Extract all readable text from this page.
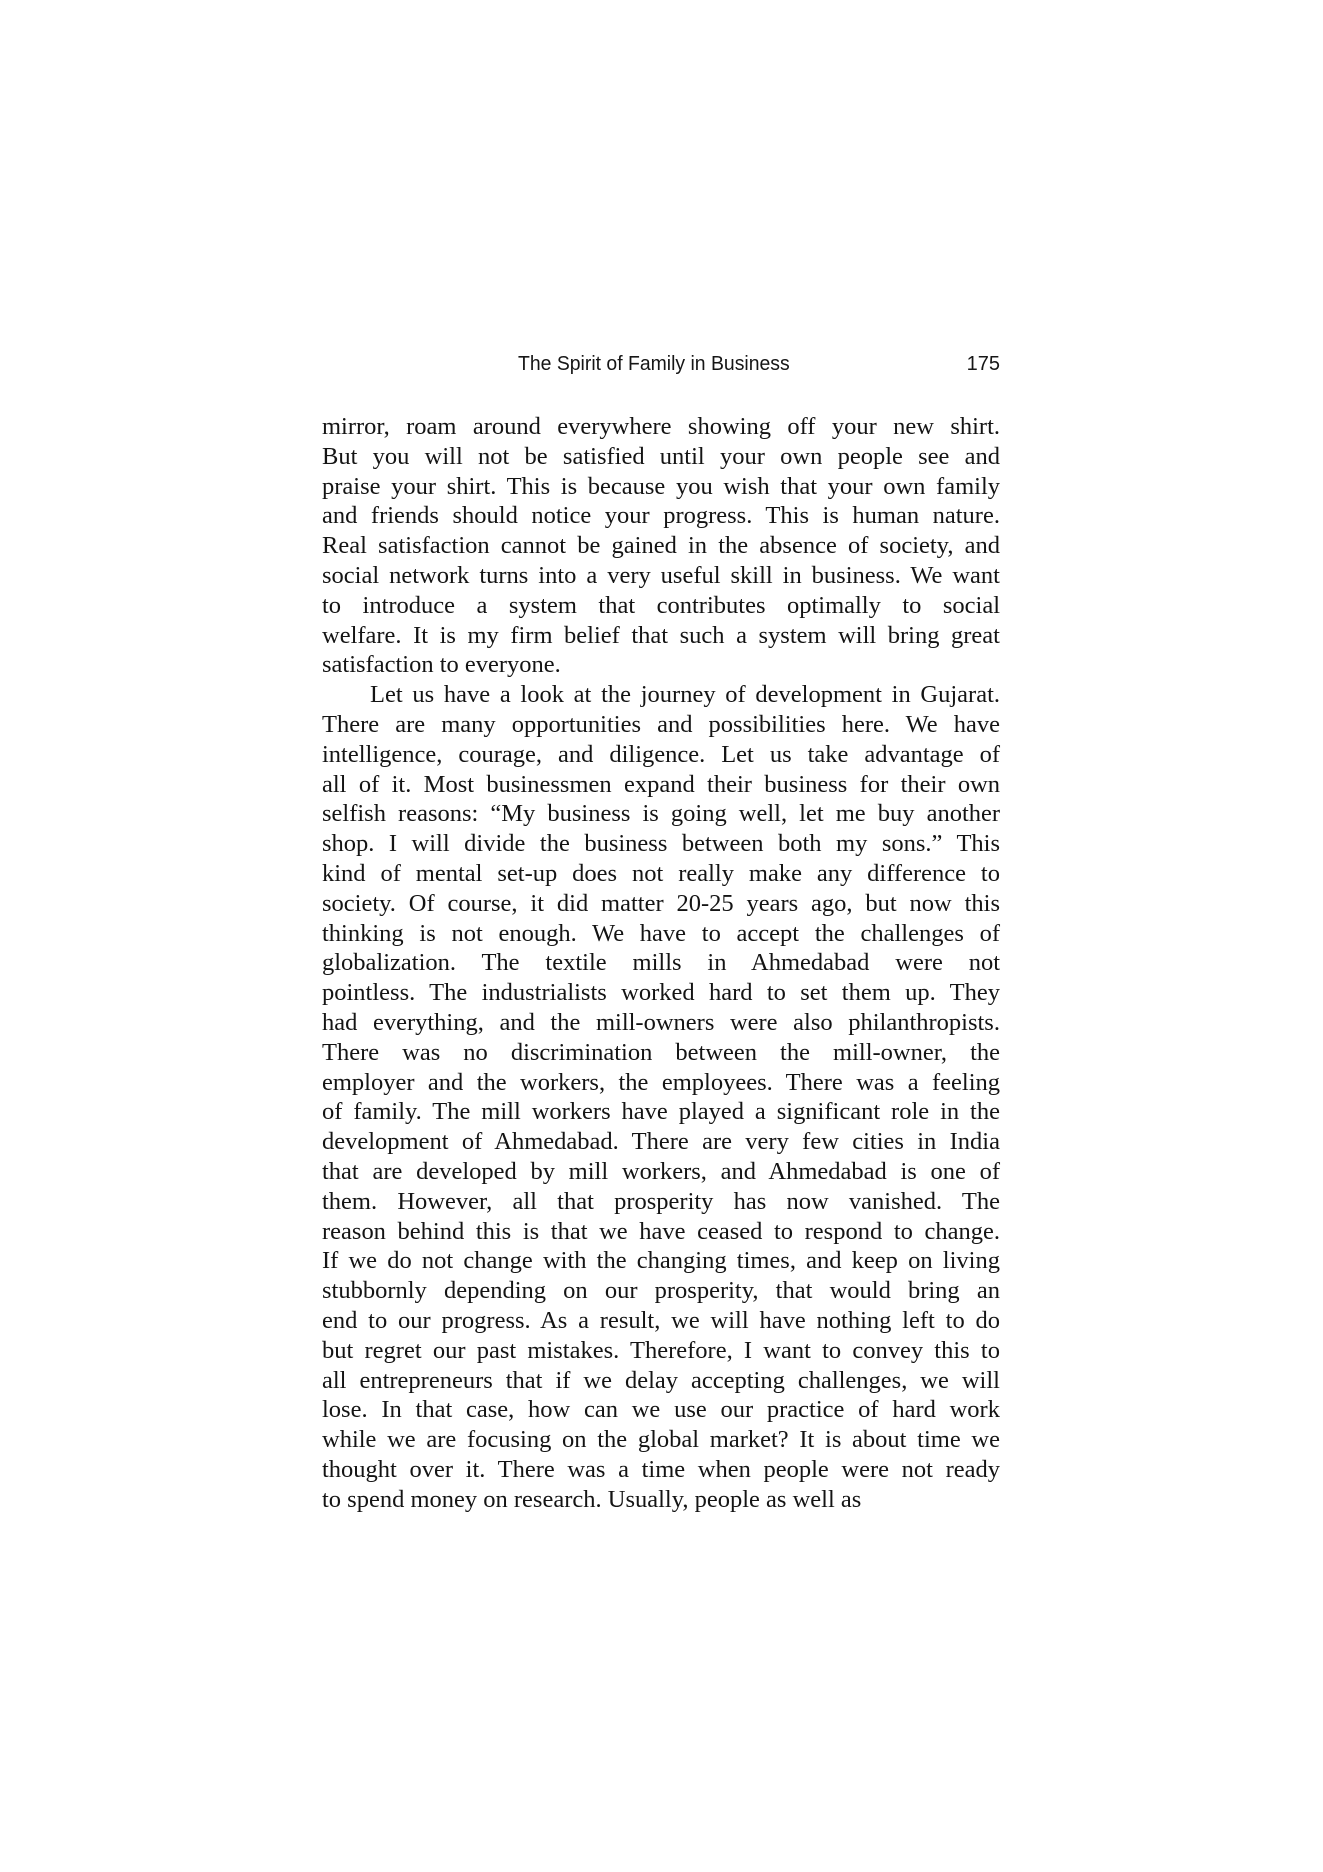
The Spirit of Family in Business	175
mirror, roam around everywhere showing off your new shirt.
But you will not be satisfied until your own people see and
praise your shirt. This is because you wish that your own family
and friends should notice your progress. This is human nature.
Real satisfaction cannot be gained in the absence of society, and
social network turns into a very useful skill in business. We want
to introduce a system that contributes optimally to social
welfare. It is my firm belief that such a system will bring great
satisfaction to everyone.
Let us have a look at the journey of development in Gujarat.
There are many opportunities and possibilities here. We have
intelligence, courage, and diligence. Let us take advantage of
all of it. Most businessmen expand their business for their own
selfish reasons: “My business is going well, let me buy another
shop. I will divide the business between both my sons.” This
kind of mental set-up does not really make any difference to
society. Of course, it did matter 20-25 years ago, but now this
thinking is not enough. We have to accept the challenges of
globalization. The textile mills in Ahmedabad were not
pointless. The industrialists worked hard to set them up. They
had everything, and the mill-owners were also philanthropists.
There was no discrimination between the mill-owner, the
employer and the workers, the employees. There was a feeling
of family. The mill workers have played a significant role in the
development of Ahmedabad. There are very few cities in India
that are developed by mill workers, and Ahmedabad is one of
them. However, all that prosperity has now vanished. The
reason behind this is that we have ceased to respond to change.
If we do not change with the changing times, and keep on living
stubbornly depending on our prosperity, that would bring an
end to our progress. As a result, we will have nothing left to do
but regret our past mistakes. Therefore, I want to convey this to
all entrepreneurs that if we delay accepting challenges, we will
lose. In that case, how can we use our practice of hard work
while we are focusing on the global market? It is about time we
thought over it. There was a time when people were not ready
to spend money on research. Usually, people as well as
